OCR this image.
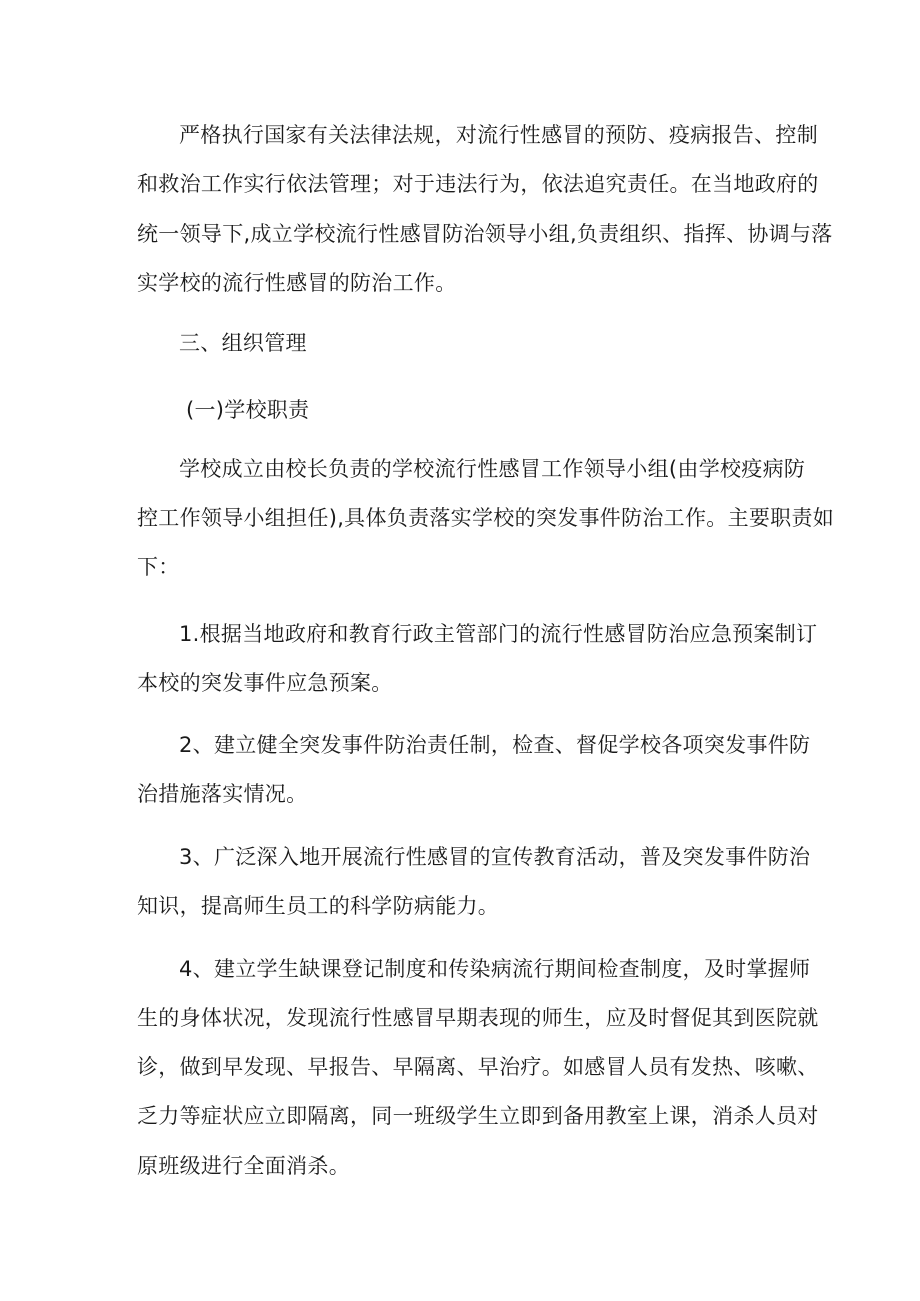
严格执行国家有关法律法规，对流行性感冒的预防、疫病报告、控制
和救治工作实行依法管理；对于违法行为，依法追究责任。在当地政府的
统一领导下,成立学校流行性感冒防治领导小组,负责组织、指挥、协调与落
实学校的流行性感冒的防治工作。
三、组织管理
(一)学校职责
学校成立由校长负责的学校流行性感冒工作领导小组(由学校疫病防
控工作领导小组担任),具体负责落实学校的突发事件防治工作。主要职责如
下：
1.根据当地政府和教育行政主管部门的流行性感冒防治应急预案制订
本校的突发事件应急预案。
2、建立健全突发事件防治责任制，检查、督促学校各项突发事件防
治措施落实情况。
3、广泛深入地开展流行性感冒的宣传教育活动，普及突发事件防治
知识，提高师生员工的科学防病能力。
4、建立学生缺课登记制度和传染病流行期间检查制度，及时掌握师
生的身体状况，发现流行性感冒早期表现的师生，应及时督促其到医院就
诊，做到早发现、早报告、早隔离、早治疗。如感冒人员有发热、咳嗽、
乏力等症状应立即隔离，同一班级学生立即到备用教室上课，消杀人员对
原班级进行全面消杀。
